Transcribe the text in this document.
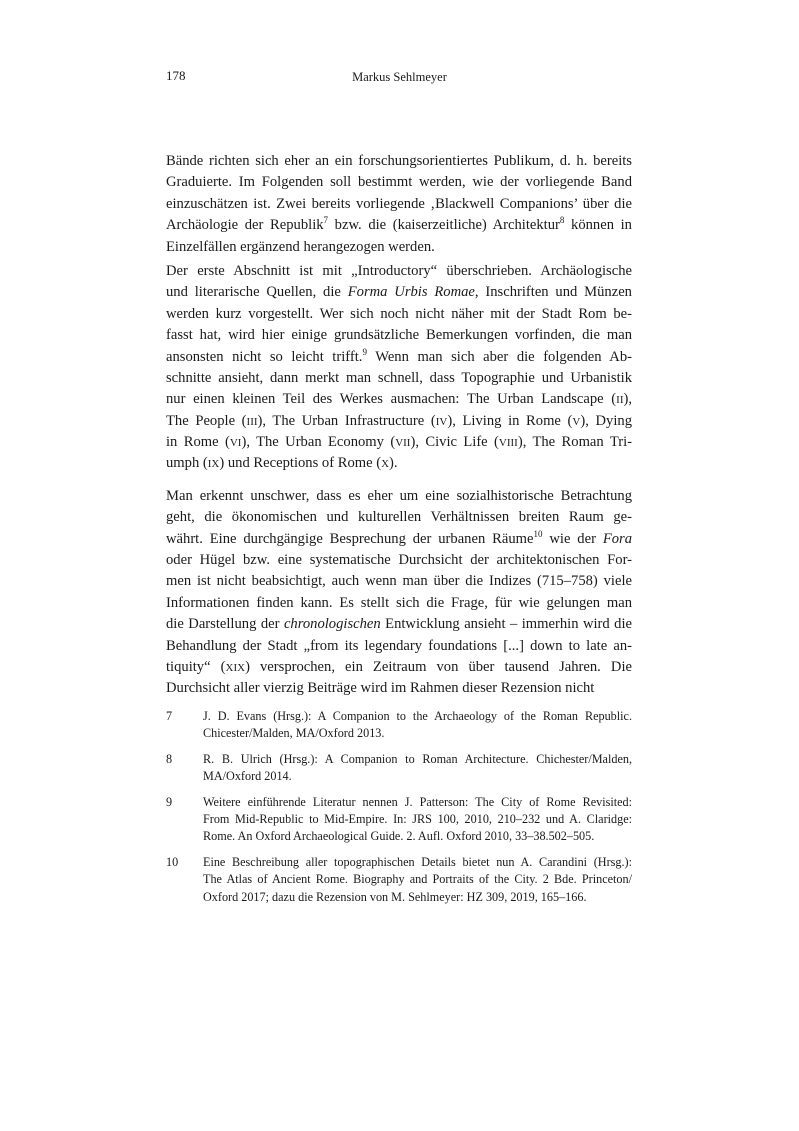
178	Markus Sehlmeyer
Bände richten sich eher an ein forschungsorientiertes Publikum, d. h. bereits
Graduierte. Im Folgenden soll bestimmt werden, wie der vorliegende Band
einzuschätzen ist. Zwei bereits vorliegende ‚Blackwell Companions’ über die
Archäologie der Republik$^7$ bzw. die (kaiserzeitliche) Architektur$^8$ können in
Einzelfällen ergänzend herangezogen werden.
Der erste Abschnitt ist mit „Introductory“ überschrieben. Archäologische
und literarische Quellen, die Forma Urbis Romae, Inschriften und Münzen
werden kurz vorgestellt. Wer sich noch nicht näher mit der Stadt Rom be-
fasst hat, wird hier einige grundsätzliche Bemerkungen vorfinden, die man
ansonsten nicht so leicht trifft.$^9$ Wenn man sich aber die folgenden Ab-
schnitte ansieht, dann merkt man schnell, dass Topographie und Urbanistik
nur einen kleinen Teil des Werkes ausmachen: The Urban Landscape (II),
The People (III), The Urban Infrastructure (IV), Living in Rome (V), Dying
in Rome (VI), The Urban Economy (VII), Civic Life (VIII), The Roman Tri-
umph (IX) und Receptions of Rome (X).
Man erkennt unschwer, dass es eher um eine sozialhistorische Betrachtung
geht, die ökonomischen und kulturellen Verhältnissen breiten Raum ge-
währt. Eine durchgängige Besprechung der urbanen Räume$^{10}$ wie der Fora
oder Hügel bzw. eine systematische Durchsicht der architektonischen For-
men ist nicht beabsichtigt, auch wenn man über die Indizes (715–758) viele
Informationen finden kann. Es stellt sich die Frage, für wie gelungen man
die Darstellung der chronologischen Entwicklung ansieht – immerhin wird die
Behandlung der Stadt „from its legendary foundations [...] down to late an-
tiquity“ (XIX) versprochen, ein Zeitraum von über tausend Jahren. Die
Durchsicht aller vierzig Beiträge wird im Rahmen dieser Rezension nicht
7	J. D. Evans (Hrsg.): A Companion to the Archaeology of the Roman Republic.
Chicester/Malden, MA/Oxford 2013.
8	R. B. Ulrich (Hrsg.): A Companion to Roman Architecture. Chichester/Malden,
MA/Oxford 2014.
9	Weitere einführende Literatur nennen J. Patterson: The City of Rome Revisited:
From Mid-Republic to Mid-Empire. In: JRS 100, 2010, 210–232 und A. Claridge:
Rome. An Oxford Archaeological Guide. 2. Aufl. Oxford 2010, 33–38.502–505.
10 Eine Beschreibung aller topographischen Details bietet nun A. Carandini (Hrsg.):
The Atlas of Ancient Rome. Biography and Portraits of the City. 2 Bde. Princeton/
Oxford 2017; dazu die Rezension von M. Sehlmeyer: HZ 309, 2019, 165–166.
